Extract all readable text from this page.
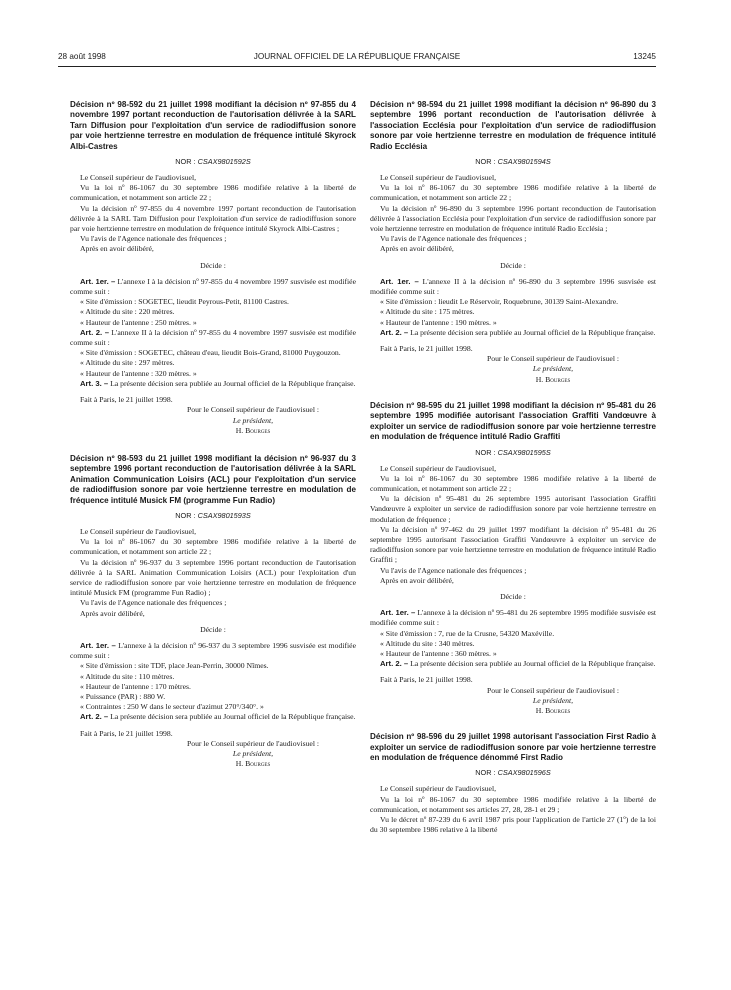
28 août 1998	JOURNAL OFFICIEL DE LA RÉPUBLIQUE FRANÇAISE	13245
Décision nº 98-592 du 21 juillet 1998 modifiant la décision nº 97-855 du 4 novembre 1997 portant reconduction de l'autorisation délivrée à la SARL Tarn Diffusion pour l'exploitation d'un service de radiodiffusion sonore par voie hertzienne terrestre en modulation de fréquence intitulé Skyrock Albi-Castres
NOR : CSAX9801592S

Le Conseil supérieur de l'audiovisuel,

Vu la loi nº 86-1067 du 30 septembre 1986 modifiée relative à la liberté de communication, et notamment son article 22 ;

Vu la décision nº 97-855 du 4 novembre 1997 portant reconduction de l'autorisation délivrée à la SARL Tarn Diffusion pour l'exploitation d'un service de radiodiffusion sonore par voie hertzienne terrestre en modulation de fréquence intitulé Skyrock Albi-Castres ;

Vu l'avis de l'Agence nationale des fréquences ;

Après en avoir délibéré,

Décide :

Art. 1er. – L'annexe I à la décision nº 97-855 du 4 novembre 1997 susvisée est modifiée comme suit :

« Site d'émission : SOGETEC, lieudit Peyrous-Petit, 81100 Castres.

« Altitude du site : 220 mètres.

« Hauteur de l'antenne : 250 mètres. »

Art. 2. – L'annexe II à la décision nº 97-855 du 4 novembre 1997 susvisée est modifiée comme suit :

« Site d'émission : SOGETEC, château d'eau, lieudit Bois-Grand, 81000 Puygouzon.

« Altitude du site : 297 mètres.

« Hauteur de l'antenne : 320 mètres. »

Art. 3. – La présente décision sera publiée au Journal officiel de la République française.

Fait à Paris, le 21 juillet 1998.

Pour le Conseil supérieur de l'audiovisuel :

Le président,

H. Bourges

Décision nº 98-593 du 21 juillet 1998 modifiant la décision nº 96-937 du 3 septembre 1996 portant reconduction de l'autorisation délivrée à la SARL Animation Communication Loisirs (ACL) pour l'exploitation d'un service de radiodiffusion sonore par voie hertzienne terrestre en modulation de fréquence intitulé Musick FM (programme Fun Radio)
NOR : CSAX9801593S

Le Conseil supérieur de l'audiovisuel,

Vu la loi nº 86-1067 du 30 septembre 1986 modifiée relative à la liberté de communication, et notamment son article 22 ;

Vu la décision nº 96-937 du 3 septembre 1996 portant reconduction de l'autorisation délivrée à la SARL Animation Communication Loisirs (ACL) pour l'exploitation d'un service de radiodiffusion sonore par voie hertzienne terrestre en modulation de fréquence intitulé Musick FM (programme Fun Radio) ;

Vu l'avis de l'Agence nationale des fréquences ;

Après avoir délibéré,

Décide :

Art. 1er. – L'annexe à la décision nº 96-937 du 3 septembre 1996 susvisée est modifiée comme suit :

« Site d'émission : site TDF, place Jean-Perrin, 30000 Nîmes.

« Altitude du site : 110 mètres.

« Hauteur de l'antenne : 170 mètres.

« Puissance (PAR) : 880 W.

« Contraintes : 250 W dans le secteur d'azimut 270°/340°. »

Art. 2. – La présente décision sera publiée au Journal officiel de la République française.

Fait à Paris, le 21 juillet 1998.

Pour le Conseil supérieur de l'audiovisuel :

Le président,

H. Bourges

Décision nº 98-594 du 21 juillet 1998 modifiant la décision nº 96-890 du 3 septembre 1996 portant reconduction de l'autorisation délivrée à l'association Ecclésia pour l'exploitation d'un service de radiodiffusion sonore par voie hertzienne terrestre en modulation de fréquence intitulé Radio Ecclésia
NOR : CSAX9801594S

Le Conseil supérieur de l'audiovisuel,

Vu la loi nº 86-1067 du 30 septembre 1986 modifiée relative à la liberté de communication, et notamment son article 22 ;

Vu la décision nº 96-890 du 3 septembre 1996 portant reconduction de l'autorisation délivrée à l'association Ecclésia pour l'exploitation d'un service de radiodiffusion sonore par voie hertzienne terrestre en modulation de fréquence intitulé Radio Ecclésia ;

Vu l'avis de l'Agence nationale des fréquences ;

Après en avoir délibéré,

Décide :

Art. 1er. – L'annexe II à la décision nº 96-890 du 3 septembre 1996 susvisée est modifiée comme suit :

« Site d'émission : lieudit Le Réservoir, Roquebrune, 30139 Saint-Alexandre.

« Altitude du site : 175 mètres.

« Hauteur de l'antenne : 190 mètres. »

Art. 2. – La présente décision sera publiée au Journal officiel de la République française.

Fait à Paris, le 21 juillet 1998.

Pour le Conseil supérieur de l'audiovisuel :

Le président,

H. Bourges

Décision nº 98-595 du 21 juillet 1998 modifiant la décision nº 95-481 du 26 septembre 1995 modifiée autorisant l'association Graffiti Vandœuvre à exploiter un service de radiodiffusion sonore par voie hertzienne terrestre en modulation de fréquence intitulé Radio Graffiti
NOR : CSAX9801595S

Le Conseil supérieur de l'audiovisuel,

Vu la loi nº 86-1067 du 30 septembre 1986 modifiée relative à la liberté de communication, et notamment son article 22 ;

Vu la décision nº 95-481 du 26 septembre 1995 autorisant l'association Graffiti Vandœuvre à exploiter un service de radiodiffusion sonore par voie hertzienne terrestre en modulation de fréquence ;

Vu la décision nº 97-462 du 29 juillet 1997 modifiant la décision nº 95-481 du 26 septembre 1995 autorisant l'association Graffiti Vandœuvre à exploiter un service de radiodiffusion sonore par voie hertzienne terrestre en modulation de fréquence intitulé Radio Graffiti ;

Vu l'avis de l'Agence nationale des fréquences ;

Après en avoir délibéré,

Décide :

Art. 1er. – L'annexe à la décision nº 95-481 du 26 septembre 1995 modifiée susvisée est modifiée comme suit :

« Site d'émission : 7, rue de la Crusne, 54320 Maxéville.

« Altitude du site : 340 mètres.

« Hauteur de l'antenne : 360 mètres. »

Art. 2. – La présente décision sera publiée au Journal officiel de la République française.

Fait à Paris, le 21 juillet 1998.

Pour le Conseil supérieur de l'audiovisuel :

Le président,

H. Bourges

Décision nº 98-596 du 29 juillet 1998 autorisant l'association First Radio à exploiter un service de radiodiffusion sonore par voie hertzienne terrestre en modulation de fréquence dénommé First Radio
NOR : CSAX9801596S

Le Conseil supérieur de l'audiovisuel,

Vu la loi nº 86-1067 du 30 septembre 1986 modifiée relative à la liberté de communication, et notamment ses articles 27, 28, 28-1 et 29 ;

Vu le décret nº 87-239 du 6 avril 1987 pris pour l'application de l'article 27 (1º) de la loi du 30 septembre 1986 relative à la liberté
